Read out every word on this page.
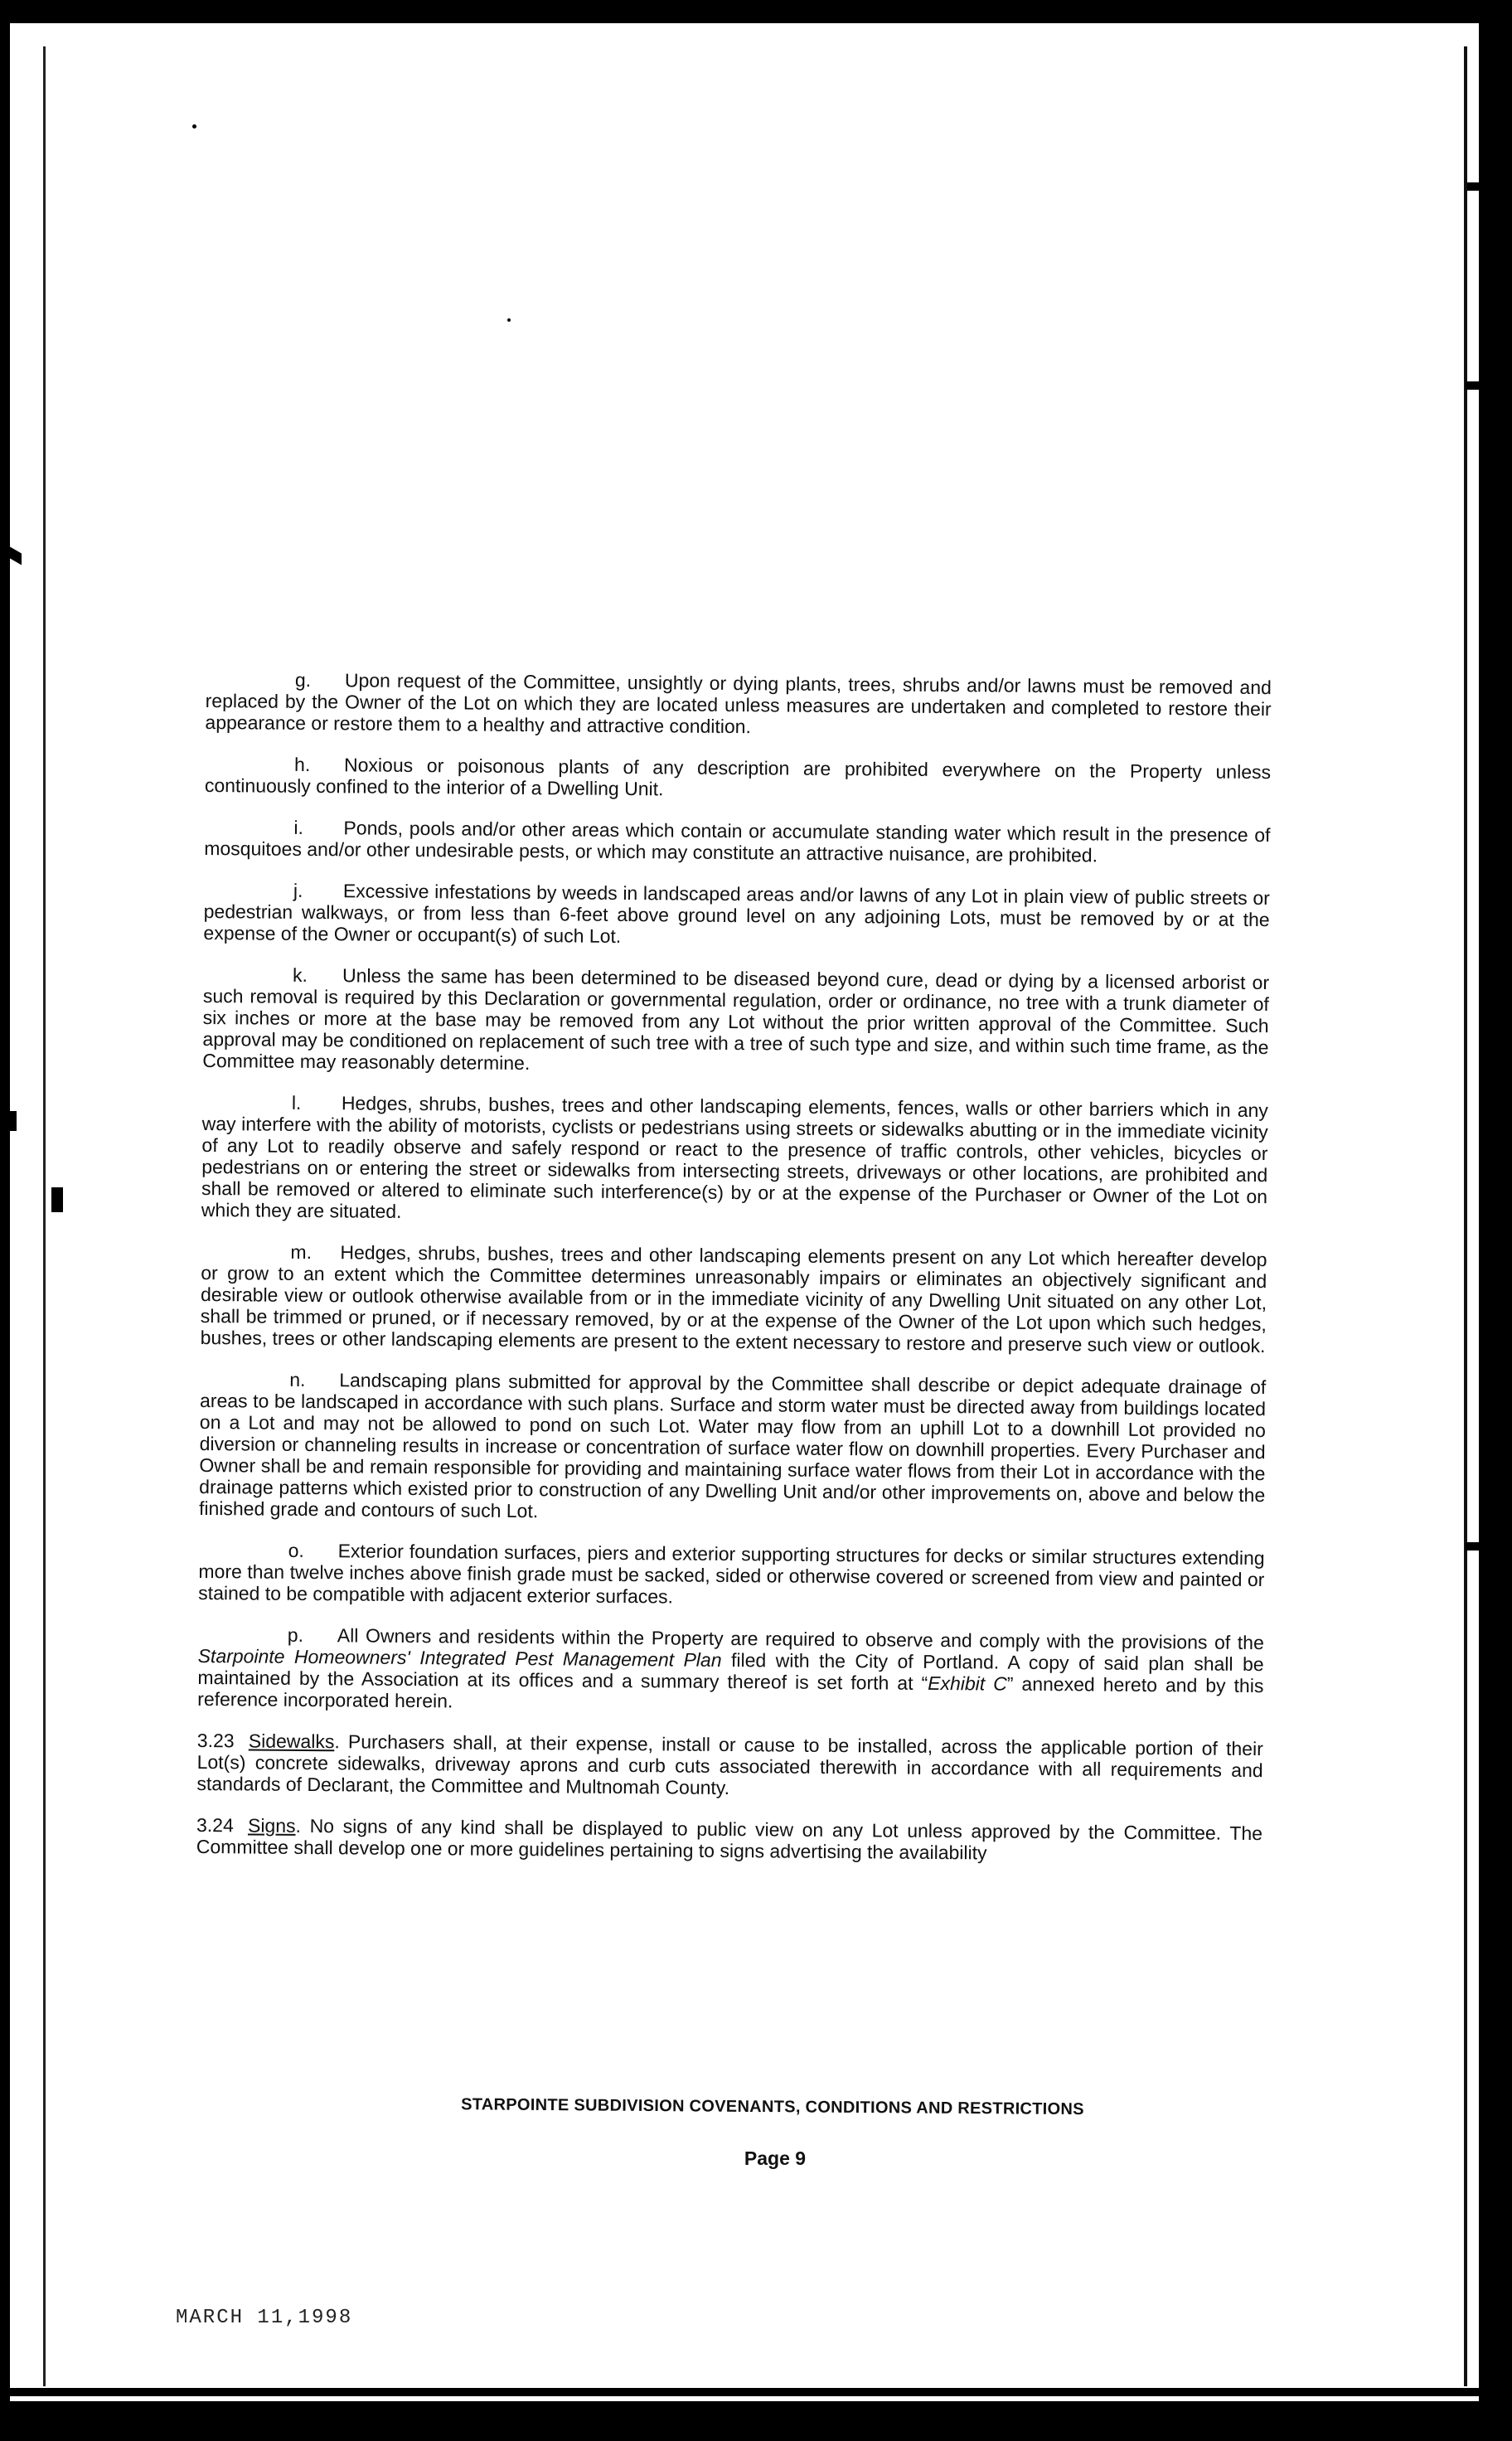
g. Upon request of the Committee, unsightly or dying plants, trees, shrubs and/or lawns must be removed and replaced by the Owner of the Lot on which they are located unless measures are undertaken and completed to restore their appearance or restore them to a healthy and attractive condition.

h. Noxious or poisonous plants of any description are prohibited everywhere on the Property unless continuously confined to the interior of a Dwelling Unit.

i. Ponds, pools and/or other areas which contain or accumulate standing water which result in the presence of mosquitoes and/or other undesirable pests, or which may constitute an attractive nuisance, are prohibited.

j. Excessive infestations by weeds in landscaped areas and/or lawns of any Lot in plain view of public streets or pedestrian walkways, or from less than 6-feet above ground level on any adjoining Lots, must be removed by or at the expense of the Owner or occupant(s) of such Lot.

k. Unless the same has been determined to be diseased beyond cure, dead or dying by a licensed arborist or such removal is required by this Declaration or governmental regulation, order or ordinance, no tree with a trunk diameter of six inches or more at the base may be removed from any Lot without the prior written approval of the Committee. Such approval may be conditioned on replacement of such tree with a tree of such type and size, and within such time frame, as the Committee may reasonably determine.

l. Hedges, shrubs, bushes, trees and other landscaping elements, fences, walls or other barriers which in any way interfere with the ability of motorists, cyclists or pedestrians using streets or sidewalks abutting or in the immediate vicinity of any Lot to readily observe and safely respond or react to the presence of traffic controls, other vehicles, bicycles or pedestrians on or entering the street or sidewalks from intersecting streets, driveways or other locations, are prohibited and shall be removed or altered to eliminate such interference(s) by or at the expense of the Purchaser or Owner of the Lot on which they are situated.

m. Hedges, shrubs, bushes, trees and other landscaping elements present on any Lot which hereafter develop or grow to an extent which the Committee determines unreasonably impairs or eliminates an objectively significant and desirable view or outlook otherwise available from or in the immediate vicinity of any Dwelling Unit situated on any other Lot, shall be trimmed or pruned, or if necessary removed, by or at the expense of the Owner of the Lot upon which such hedges, bushes, trees or other landscaping elements are present to the extent necessary to restore and preserve such view or outlook.

n. Landscaping plans submitted for approval by the Committee shall describe or depict adequate drainage of areas to be landscaped in accordance with such plans. Surface and storm water must be directed away from buildings located on a Lot and may not be allowed to pond on such Lot. Water may flow from an uphill Lot to a downhill Lot provided no diversion or channeling results in increase or concentration of surface water flow on downhill properties. Every Purchaser and Owner shall be and remain responsible for providing and maintaining surface water flows from their Lot in accordance with the drainage patterns which existed prior to construction of any Dwelling Unit and/or other improvements on, above and below the finished grade and contours of such Lot.

o. Exterior foundation surfaces, piers and exterior supporting structures for decks or similar structures extending more than twelve inches above finish grade must be sacked, sided or otherwise covered or screened from view and painted or stained to be compatible with adjacent exterior surfaces.

p. All Owners and residents within the Property are required to observe and comply with the provisions of the Starpointe Homeowners' Integrated Pest Management Plan filed with the City of Portland. A copy of said plan shall be maintained by the Association at its offices and a summary thereof is set forth at “Exhibit C” annexed hereto and by this reference incorporated herein.

3.23 Sidewalks. Purchasers shall, at their expense, install or cause to be installed, across the applicable portion of their Lot(s) concrete sidewalks, driveway aprons and curb cuts associated therewith in accordance with all requirements and standards of Declarant, the Committee and Multnomah County.

3.24 Signs. No signs of any kind shall be displayed to public view on any Lot unless approved by the Committee. The Committee shall develop one or more guidelines pertaining to signs advertising the availability

STARPOINTE SUBDIVISION COVENANTS, CONDITIONS AND RESTRICTIONS
Page 9
MARCH 11,1998
